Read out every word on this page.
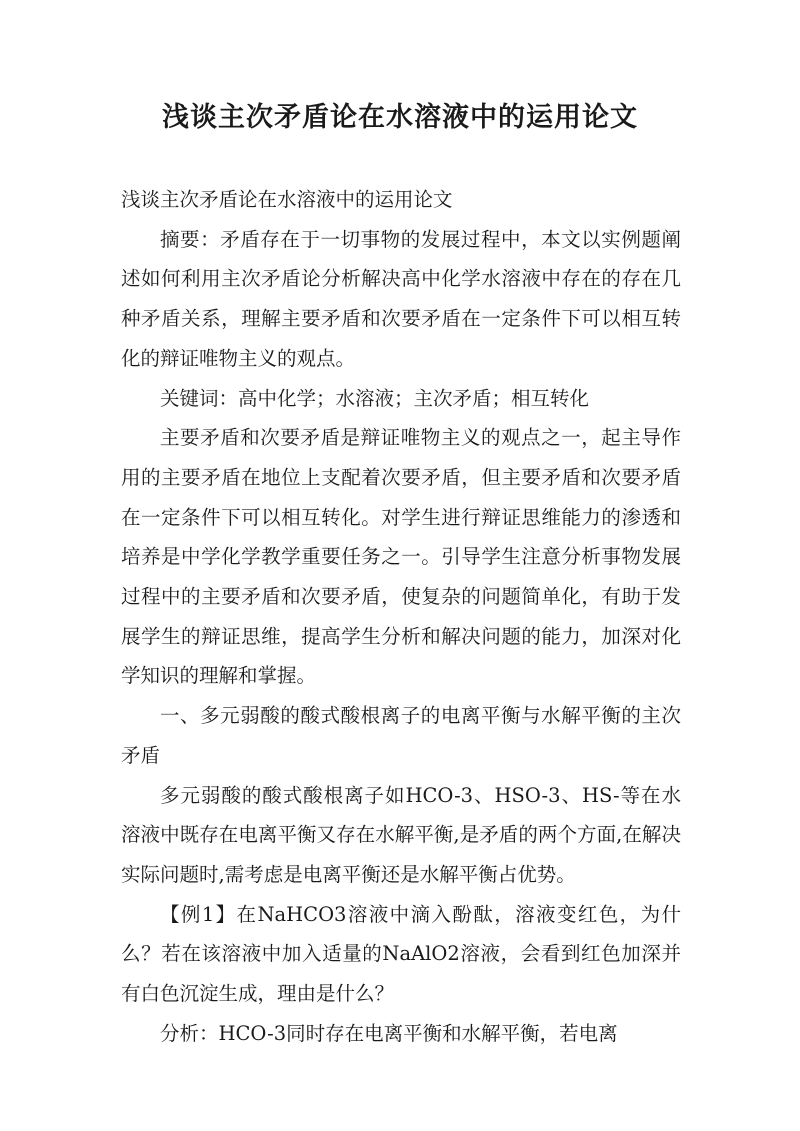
浅谈主次矛盾论在水溶液中的运用论文

浅谈主次矛盾论在水溶液中的运用论文

摘要：矛盾存在于一切事物的发展过程中，本文以实例题阐述如何利用主次矛盾论分析解决高中化学水溶液中存在的存在几种矛盾关系，理解主要矛盾和次要矛盾在一定条件下可以相互转化的辩证唯物主义的观点。

关键词：高中化学；水溶液；主次矛盾；相互转化

主要矛盾和次要矛盾是辩证唯物主义的观点之一，起主导作用的主要矛盾在地位上支配着次要矛盾，但主要矛盾和次要矛盾在一定条件下可以相互转化。对学生进行辩证思维能力的渗透和培养是中学化学教学重要任务之一。引导学生注意分析事物发展过程中的主要矛盾和次要矛盾，使复杂的问题简单化，有助于发展学生的辩证思维，提高学生分析和解决问题的能力，加深对化学知识的理解和掌握。

一、多元弱酸的酸式酸根离子的电离平衡与水解平衡的主次矛盾

多元弱酸的酸式酸根离子如HCO-3、HSO-3、HS-等在水溶液中既存在电离平衡又存在水解平衡,是矛盾的两个方面,在解决实际问题时,需考虑是电离平衡还是水解平衡占优势。

【例1】在NaHCO3溶液中滴入酚酞，溶液变红色，为什么？若在该溶液中加入适量的NaAlO2溶液，会看到红色加深并有白色沉淀生成，理由是什么？

分析：HCO-3同时存在电离平衡和水解平衡，若电离
